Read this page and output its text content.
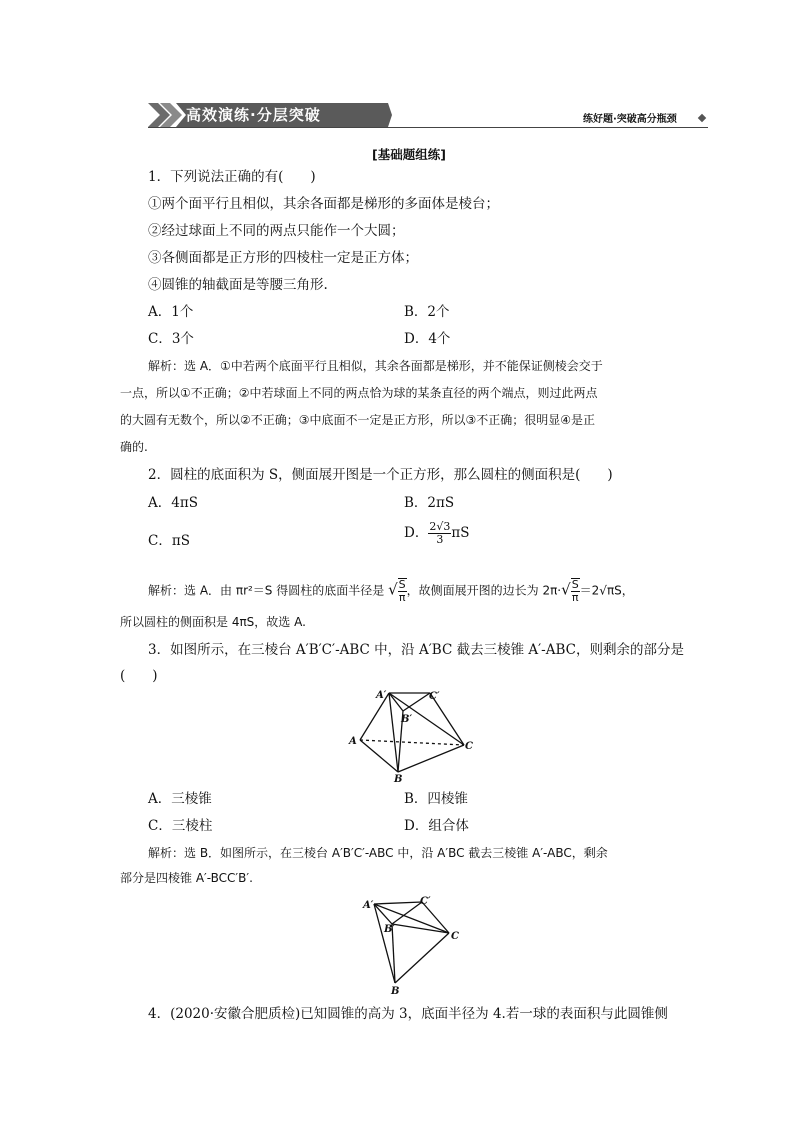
高效演练·分层突破	练好题·突破高分瓶颈
[基础题组练]
1．下列说法正确的有(　　)
①两个面平行且相似，其余各面都是梯形的多面体是棱台；
②经过球面上不同的两点只能作一个大圆；
③各侧面都是正方形的四棱柱一定是正方体；
④圆锥的轴截面是等腰三角形.
A．1个	B．2个
C．3个	D．4个
解析：选 A．①中若两个底面平行且相似，其余各面都是梯形，并不能保证侧棱会交于
一点，所以①不正确；②中若球面上不同的两点恰为球的某条直径的两个端点，则过此两点
的大圆有无数个，所以②不正确；③中底面不一定是正方形，所以③不正确；很明显④是正
确的.
2．圆柱的底面积为 S，侧面展开图是一个正方形，那么圆柱的侧面积是(　　)
A．4πS	B．2πS
C．πS	D． $\frac{2√3}{3}$ πS
解析：选 A．由 πr²＝S 得圆柱的底面半径是 √ $\frac{S}{\pi}$ ，故侧面展开图的边长为 $2\pi\cdot√ \frac{S}{\pi} =2√\pi S$，
所以圆柱的侧面积是 4πS，故选 A.
3．如图所示，在三棱台 A′B′C′-ABC 中，沿 A′BC 截去三棱锥 A′-ABC，则剩余的部分是
(　　)
A′	C′
B′
A	C
B
A．三棱锥	B．四棱锥
C．三棱柱	D．组合体
解析：选 B．如图所示，在三棱台 A′B′C′-ABC 中，沿 A′BC 截去三棱锥 A′-ABC，剩余
部分是四棱锥 A′-BCC′B′.
A′	C′
B′
C
B
4．(2020·安徽合肥质检)已知圆锥的高为 3，底面半径为 4.若一球的表面积与此圆锥侧
